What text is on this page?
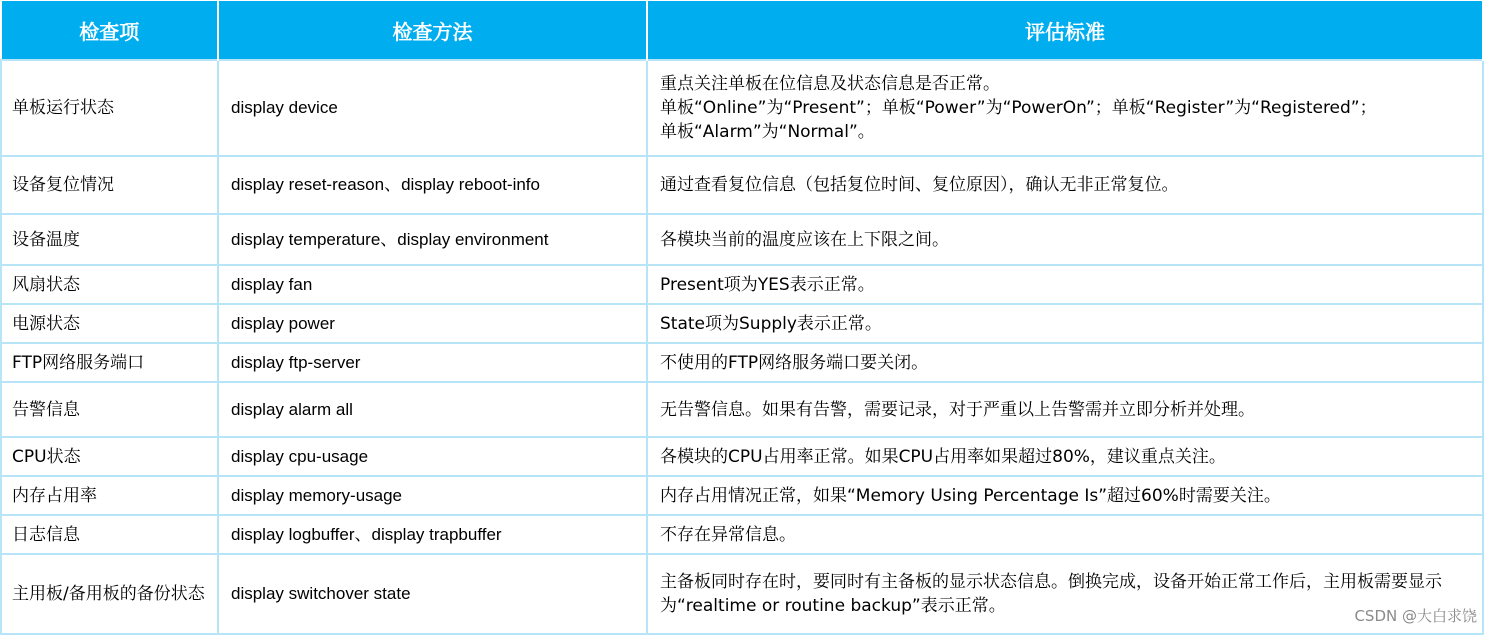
检查项	检查方法	评估标准
单板运行状态	display device	重点关注单板在位信息及状态信息是否正常。
单板“Online”为“Present”；单板“Power”为“PowerOn”；单板“Register”为“Registered”；
单板“Alarm”为“Normal”。

设备复位情况	display reset-reason、display reboot-info	通过查看复位信息（包括复位时间、复位原因），确认无非正常复位。
设备温度	display temperature、display environment	各模块当前的温度应该在上下限之间。
风扇状态	display fan	Present项为YES表示正常。
电源状态	display power	State项为Supply表示正常。
FTP网络服务端口	display ftp-server	不使用的FTP网络服务端口要关闭。
告警信息	display alarm all	无告警信息。如果有告警，需要记录，对于严重以上告警需并立即分析并处理。
CPU状态	display cpu-usage	各模块的CPU占用率正常。如果CPU占用率如果超过80%，建议重点关注。
内存占用率	display memory-usage	内存占用情况正常，如果“Memory Using Percentage Is”超过60%时需要关注。
日志信息	display logbuffer、display trapbuffer	不存在异常信息。
主用板/备用板的备份状态	display switchover state	主备板同时存在时，要同时有主备板的显示状态信息。倒换完成，设备开始正常工作后，主用板需要显示为“realtime or routine backup”表示正常。	CSDN @大白求饶
